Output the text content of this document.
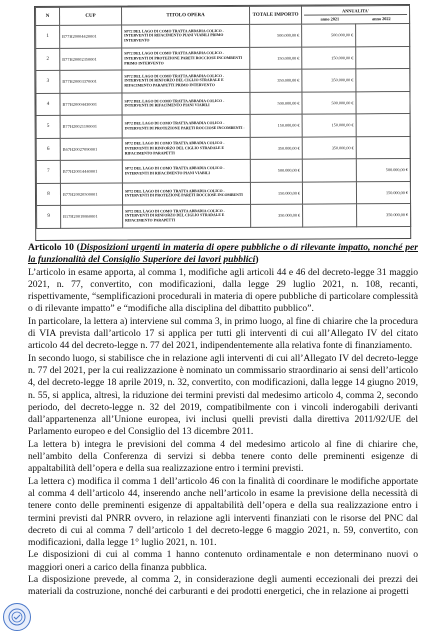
N	CUP	TITOLO OPERA	TOTALE IMPORTO	ANNUALITA'
anno 2021 anno 2022	

1	B77H20004420001	SP72 DEL LAGO DI COMO TRATTA ABBADIA COLICO - INTERVENTI DI RIFACIMENTO PIANI VIABILI PRIMO INTERVENTO	500.000,00 €	500.000,00 €	
2	B77H20002350001	SP72 DEL LAGO DI COMO TRATTA ABBADIA COLICO - INTERVENTI DI PROTEZIONE PARETI ROCCIOSE INCOMBENTI PRIMO INTERVENTO	150.000,00 €	150.000,00 €	
3	B77H20003370001	SP72 DEL LAGO DI COMO TRATTA ABBADIA COLICO - INTERVENTI DI RINFORZO DEL CIGLIO STRADALE E RIFACIMENTO PARAPETTI PRIMO INTERVENTO	350.000,00 €	350.000,00 €	
4	B77H20004430001	SP72 DEL LAGO DI COMO TRATTA ABBADIA COLICO - INTERVENTI DI RIFACIMENTO PIANI VIABILI	500.000,00 €	500.000,00 €	
5	B77H20021190001	SP72 DEL LAGO DI COMO TRATTA ABBADIA COLICO - INTERVENTI DI PROTEZIONE PARETI ROCCIOSE INCOMBENTI -	150.000,00 €	150.000,00 €	
6	B67H20027090001	SP72 DEL LAGO DI COMO TRATTA ABBADIA COLICO - INTERVENTI DI RINFORZO DEL CIGLIO STRADALE E RIFACIMENTO PARAPETTI	350.000,00 €	350.000,00 €	
7	B77H20014440001	SP72 DEL LAGO DI COMO TRATTA ABBADIA COLICO - INTERVENTI DI RIFACIMENTO PIANI VIABILI	500.000,00 €		500.000,00 €
8	B77H20020500001	SP72 DEL LAGO DI COMO TRATTA ABBADIA COLICO - INTERVENTI DI PROTEZIONE PARETI ROCCIOSE INCOMBENTI	150.000,00 €		150.000,00 €
9	B17H20019860001	SP72 DEL LAGO DI COMO TRATTA ABBADIA COLICO - INTERVENTI DI RINFORZO DEL CIGLIO STRADALE E RIFACIMENTO PARAPETTI	350.000,00 €		350.000,00 €

Articolo 10 (Disposizioni urgenti in materia di opere pubbliche o di rilevante impatto, nonché per la funzionalità del Consiglio Superiore dei lavori pubblici)

L’articolo in esame apporta, al comma 1, modifiche agli articoli 44 e 46 del decreto-legge 31 maggio 2021, n. 77, convertito, con modificazioni, dalla legge 29 luglio 2021, n. 108, recanti, rispettivamente, “semplificazioni procedurali in materia di opere pubbliche di particolare complessità o di rilevante impatto” e “modifiche alla disciplina del dibattito pubblico”.

In particolare, la lettera a) interviene sul comma 3, in primo luogo, al fine di chiarire che la procedura di VIA prevista dall’articolo 17 si applica per tutti gli interventi di cui all’Allegato IV del citato articolo 44 del decreto-legge n. 77 del 2021, indipendentemente alla relativa fonte di finanziamento.

In secondo luogo, si stabilisce che in relazione agli interventi di cui all’Allegato IV del decreto-legge n. 77 del 2021, per la cui realizzazione è nominato un commissario straordinario ai sensi dell’articolo 4, del decreto-legge 18 aprile 2019, n. 32, convertito, con modificazioni, dalla legge 14 giugno 2019, n. 55, si applica, altresì, la riduzione dei termini previsti dal medesimo articolo 4, comma 2, secondo periodo, del decreto-legge n. 32 del 2019, compatibilmente con i vincoli inderogabili derivanti dall’appartenenza all’Unione europea, ivi inclusi quelli previsti dalla direttiva 2011/92/UE del Parlamento europeo e del Consiglio del 13 dicembre 2011.

La lettera b) integra le previsioni del comma 4 del medesimo articolo al fine di chiarire che, nell’ambito della Conferenza di servizi si debba tenere conto delle preminenti esigenze di appaltabilità dell’opera e della sua realizzazione entro i termini previsti.

La lettera c) modifica il comma 1 dell’articolo 46 con la finalità di coordinare le modifiche apportate al comma 4 dell’articolo 44, inserendo anche nell’articolo in esame la previsione della necessità di tenere conto delle preminenti esigenze di appaltabilità dell’opera e della sua realizzazione entro i termini previsti dal PNRR ovvero, in relazione agli interventi finanziati con le risorse del PNC dal decreto di cui al comma 7 dell’articolo 1 del decreto-legge 6 maggio 2021, n. 59, convertito, con modificazioni, dalla legge 1° luglio 2021, n. 101.

Le disposizioni di cui al comma 1 hanno contenuto ordinamentale e non determinano nuovi o maggiori oneri a carico della finanza pubblica.

La disposizione prevede, al comma 2, in considerazione degli aumenti eccezionali dei prezzi dei materiali da costruzione, nonché dei carburanti e dei prodotti energetici, che in relazione ai progetti
